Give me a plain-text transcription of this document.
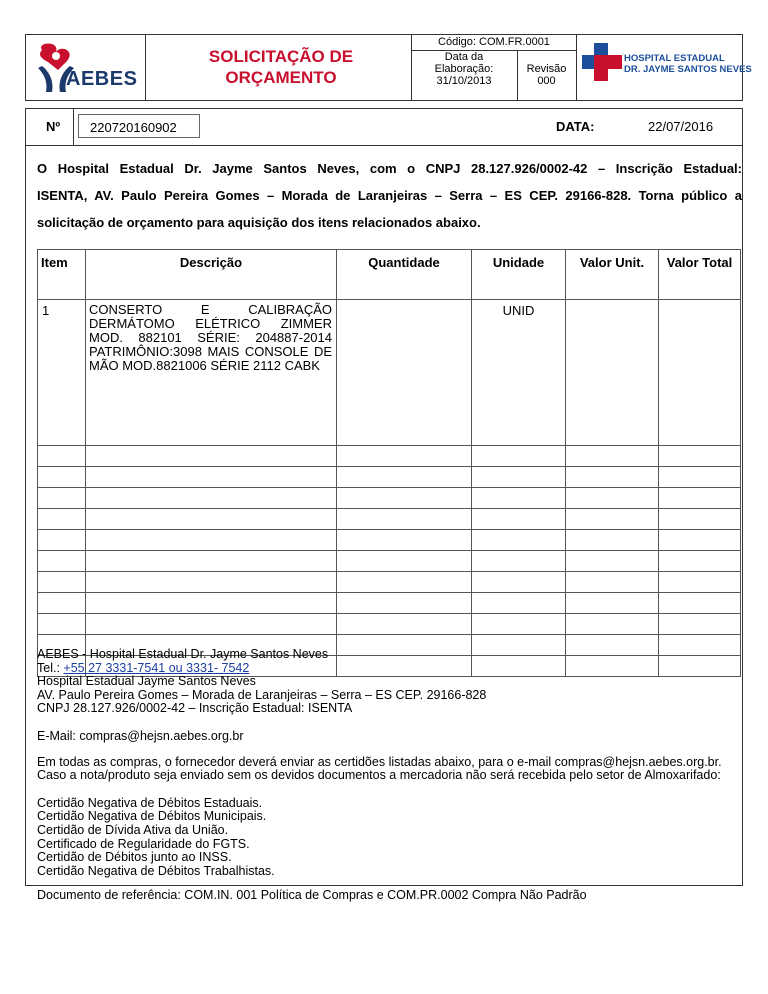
AEBES
SOLICITAÇÃO DE
ORÇAMENTO
Código: COM.FR.0001
Data da
Elaboração:
31/10/2013
Revisão
000
HOSPITAL ESTADUAL
DR. JAYME SANTOS NEVES
Nº	220720160902	DATA:	22/07/2016
O Hospital Estadual Dr. Jayme Santos Neves, com o CNPJ 28.127.926/0002-42 – Inscrição Estadual:
ISENTA, AV. Paulo Pereira Gomes – Morada de Laranjeiras – Serra – ES CEP. 29166-828. Torna público a
solicitação de orçamento para aquisição dos itens relacionados abaixo.
Item	Descrição	Quantidade	Unidade	Valor Unit.	Valor Total
1	CONSERTO E CALIBRAÇÃO DERMÁTOMO ELÉTRICO ZIMMER MOD. 882101 SÉRIE: 204887-2014 PATRIMÔNIO:3098 MAIS CONSOLE DE MÃO MOD.8821006 SÉRIE 2112 CABK		UNID		

AEBES - Hospital Estadual Dr. Jayme Santos Neves
Tel.: +55 27 3331-7541 ou 3331- 7542
Hospital Estadual Jayme Santos Neves
AV. Paulo Pereira Gomes – Morada de Laranjeiras – Serra – ES CEP. 29166-828
CNPJ 28.127.926/0002-42 – Inscrição Estadual: ISENTA
E-Mail: compras@hejsn.aebes.org.br
Em todas as compras, o fornecedor deverá enviar as certidões listadas abaixo, para o e-mail compras@hejsn.aebes.org.br.
Caso a nota/produto seja enviado sem os devidos documentos a mercadoria não será recebida pelo setor de Almoxarifado:
Certidão Negativa de Débitos Estaduais.
Certidão Negativa de Débitos Municipais.
Certidão de Dívida Ativa da União.
Certificado de Regularidade do FGTS.
Certidão de Débitos junto ao INSS.
Certidão Negativa de Débitos Trabalhistas.
Documento de referência: COM.IN. 001 Política de Compras e COM.PR.0002 Compra Não Padrão
